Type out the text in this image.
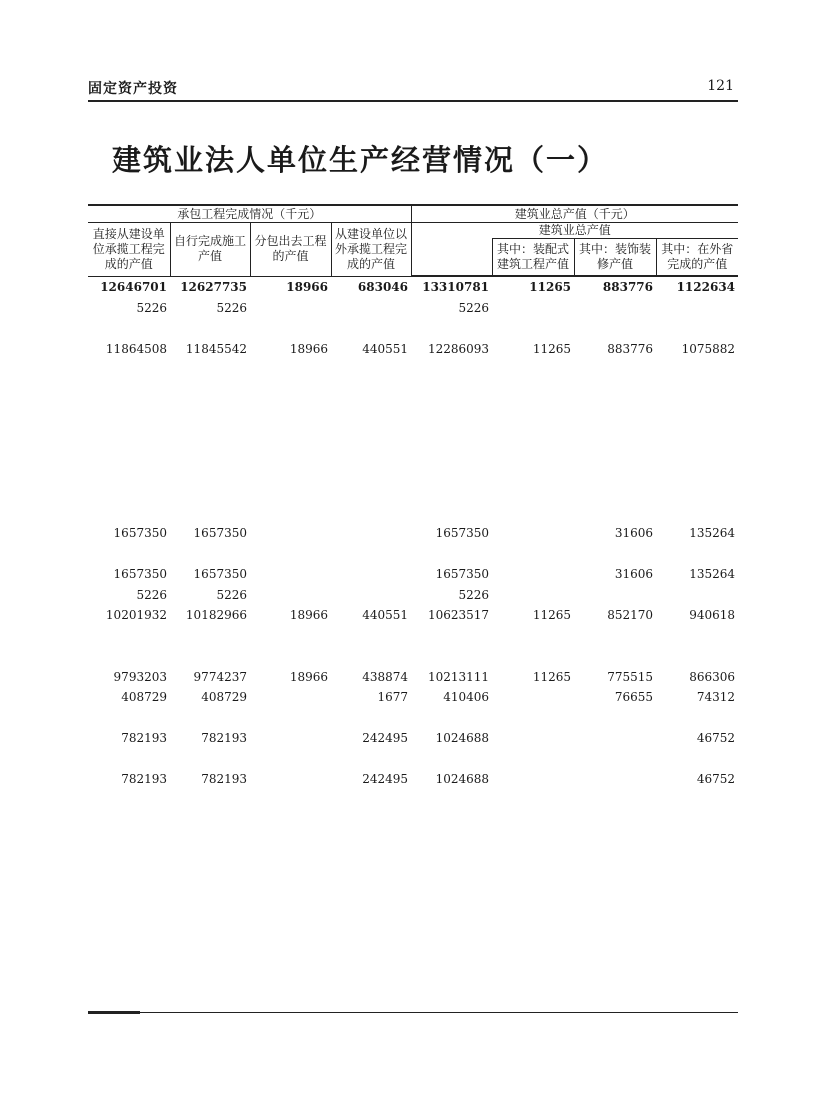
固定资产投资	121
建筑业法人单位生产经营情况（一）
承包工程完成情况（千元）				建筑业总产值（千元）			
直接从建设单位承揽工程完成的产值	自行完成施工产值	分包出去工程的产值	从建设单位以外承揽工程完成的产值	建筑业总产值			
					其中：装配式建筑工程产值	其中：装饰装修产值	其中：在外省完成的产值
12646701	12627735	18966	683046	13310781	11265	883776	1122634
5226	5226			5226			

11864508	11845542	18966	440551	12286093	11265	883776	1075882

1657350	1657350			1657350		31606	135264

1657350	1657350			1657350		31606	135264
5226	5226			5226			
10201932	10182966	18966	440551	10623517	11265	852170	940618

9793203	9774237	18966	438874	10213111	11265	775515	866306
408729	408729		1677	410406		76655	74312

782193	782193		242495	1024688			46752

782193	782193		242495	1024688			46752
